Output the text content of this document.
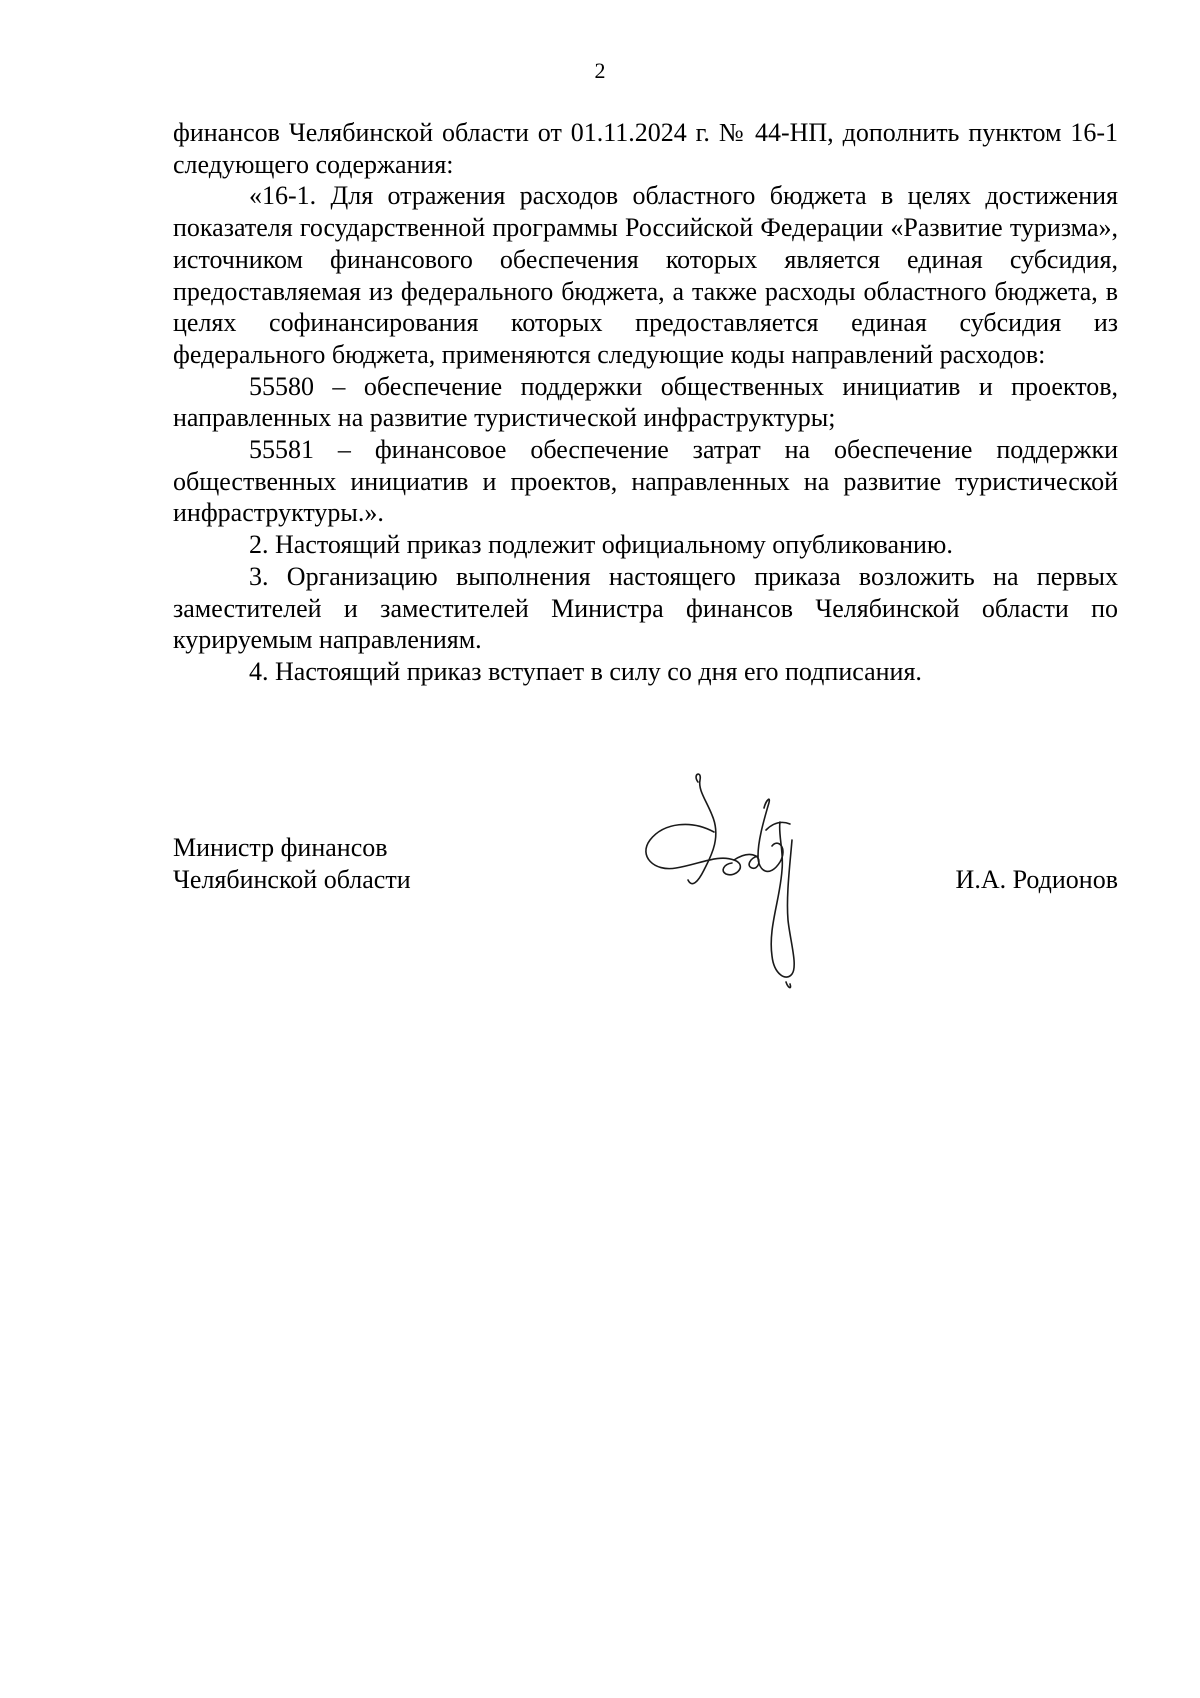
2

финансов Челябинской области от 01.11.2024 г. № 44-НП, дополнить пунктом 16-1 следующего содержания:

«16-1. Для отражения расходов областного бюджета в целях достижения показателя государственной программы Российской Федерации «Развитие туризма», источником финансового обеспечения которых является единая субсидия, предоставляемая из федерального бюджета, а также расходы областного бюджета, в целях софинансирования которых предоставляется единая субсидия из федерального бюджета, применяются следующие коды направлений расходов:

55580 – обеспечение поддержки общественных инициатив и проектов, направленных на развитие туристической инфраструктуры;

55581 – финансовое обеспечение затрат на обеспечение поддержки общественных инициатив и проектов, направленных на развитие туристической инфраструктуры.».

2. Настоящий приказ подлежит официальному опубликованию.

3. Организацию выполнения настоящего приказа возложить на первых заместителей и заместителей Министра финансов Челябинской области по курируемым направлениям.

4. Настоящий приказ вступает в силу со дня его подписания.

Министр финансов
Челябинской области	И.А. Родионов
